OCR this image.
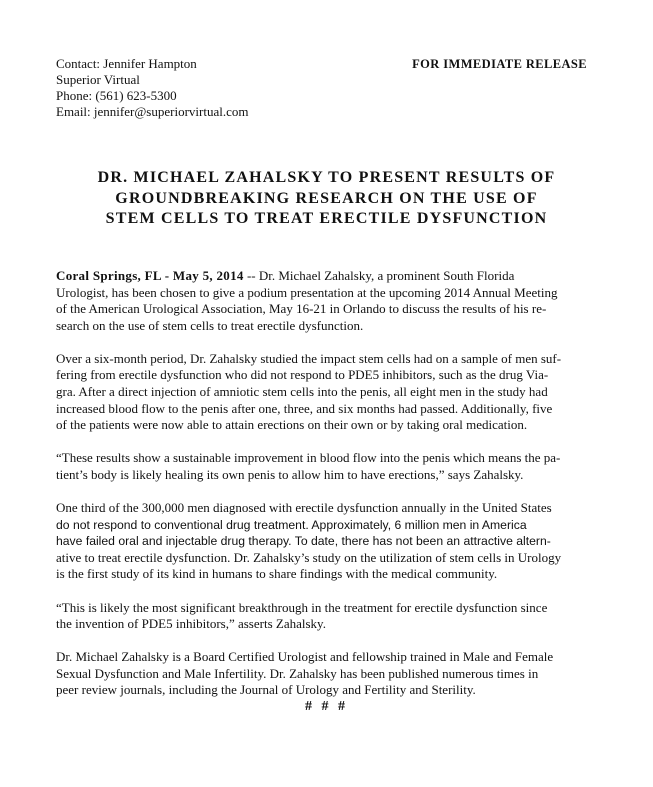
Contact: Jennifer Hampton
Superior Virtual
Phone: (561) 623-5300
Email: jennifer@superiorvirtual.com
FOR IMMEDIATE RELEASE
DR. MICHAEL ZAHALSKY TO PRESENT RESULTS OF
GROUNDBREAKING RESEARCH ON THE USE OF
STEM CELLS TO TREAT ERECTILE DYSFUNCTION

Coral Springs, FL - May 5, 2014 -- Dr. Michael Zahalsky, a prominent South Florida
Urologist, has been chosen to give a podium presentation at the upcoming 2014 Annual Meeting
of the American Urological Association, May 16-21 in Orlando to discuss the results of his re-
search on the use of stem cells to treat erectile dysfunction.

Over a six-month period, Dr. Zahalsky studied the impact stem cells had on a sample of men suf-
fering from erectile dysfunction who did not respond to PDE5 inhibitors, such as the drug Via-
gra. After a direct injection of amniotic stem cells into the penis, all eight men in the study had
increased blood flow to the penis after one, three, and six months had passed. Additionally, five
of the patients were now able to attain erections on their own or by taking oral medication.

“These results show a sustainable improvement in blood flow into the penis which means the pa-
tient’s body is likely healing its own penis to allow him to have erections,” says Zahalsky.

One third of the 300,000 men diagnosed with erectile dysfunction annually in the United States
do not respond to conventional drug treatment. Approximately, 6 million men in America
have failed oral and injectable drug therapy. To date, there has not been an attractive altern-
ative to treat erectile dysfunction. Dr. Zahalsky’s study on the utilization of stem cells in Urology
is the first study of its kind in humans to share findings with the medical community.

“This is likely the most significant breakthrough in the treatment for erectile dysfunction since
the invention of PDE5 inhibitors,” asserts Zahalsky.

Dr. Michael Zahalsky is a Board Certified Urologist and fellowship trained in Male and Female
Sexual Dysfunction and Male Infertility. Dr. Zahalsky has been published numerous times in
peer review journals, including the Journal of Urology and Fertility and Sterility.

# # #
